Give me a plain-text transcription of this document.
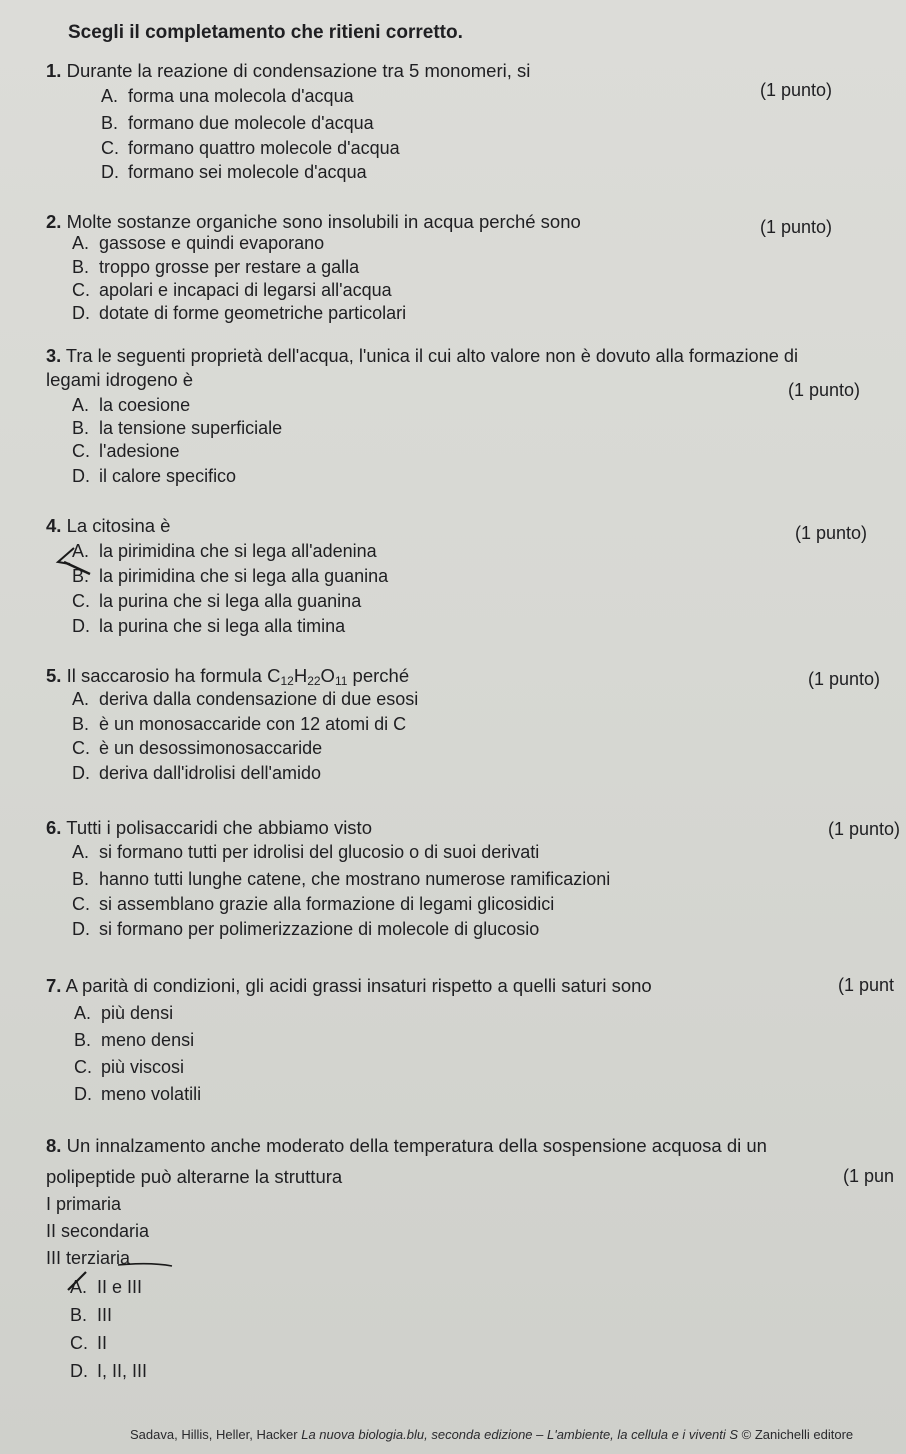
Scegli il completamento che ritieni corretto.
1. Durante la reazione di condensazione tra 5 monomeri, si
(1 punto)
A. forma una molecola d'acqua
B. formano due molecole d'acqua
C. formano quattro molecole d'acqua
D. formano sei molecole d'acqua
2. Molte sostanze organiche sono insolubili in acqua perché sono	(1 punto)
A. gassose e quindi evaporano
B. troppo grosse per restare a galla
C. apolari e incapaci di legarsi all'acqua
D. dotate di forme geometriche particolari
3. Tra le seguenti proprietà dell'acqua, l'unica il cui alto valore non è dovuto alla formazione di
legami idrogeno è	(1 punto)
A. la coesione
B. la tensione superficiale
C. l'adesione
D. il calore specifico
4. La citosina è	(1 punto)
A. la pirimidina che si lega all'adenina
B. la pirimidina che si lega alla guanina
C. la purina che si lega alla guanina
D. la purina che si lega alla timina
5. Il saccarosio ha formula $C_{12}H_{22}O_{11}$ perché	(1 punto)
A. deriva dalla condensazione di due esosi
B. è un monosaccaride con 12 atomi di C
C. è un desossimonosaccaride
D. deriva dall'idrolisi dell'amido
6. Tutti i polisaccaridi che abbiamo visto	(1 punto)
A. si formano tutti per idrolisi del glucosio o di suoi derivati
B. hanno tutti lunghe catene, che mostrano numerose ramificazioni
C. si assemblano grazie alla formazione di legami glicosidici
D. si formano per polimerizzazione di molecole di glucosio
7. A parità di condizioni, gli acidi grassi insaturi rispetto a quelli saturi sono	(1 punt
A. più densi
B. meno densi
C. più viscosi
D. meno volatili
8. Un innalzamento anche moderato della temperatura della sospensione acquosa di un
polipeptide può alterarne la struttura	(1 pun
I primaria
II secondaria
III terziaria
A. II e III
B. III
C. II
D. I, II, III
Sadava, Hillis, Heller, Hacker La nuova biologia.blu, seconda edizione – L'ambiente, la cellula e i viventi S © Zanichelli editore
